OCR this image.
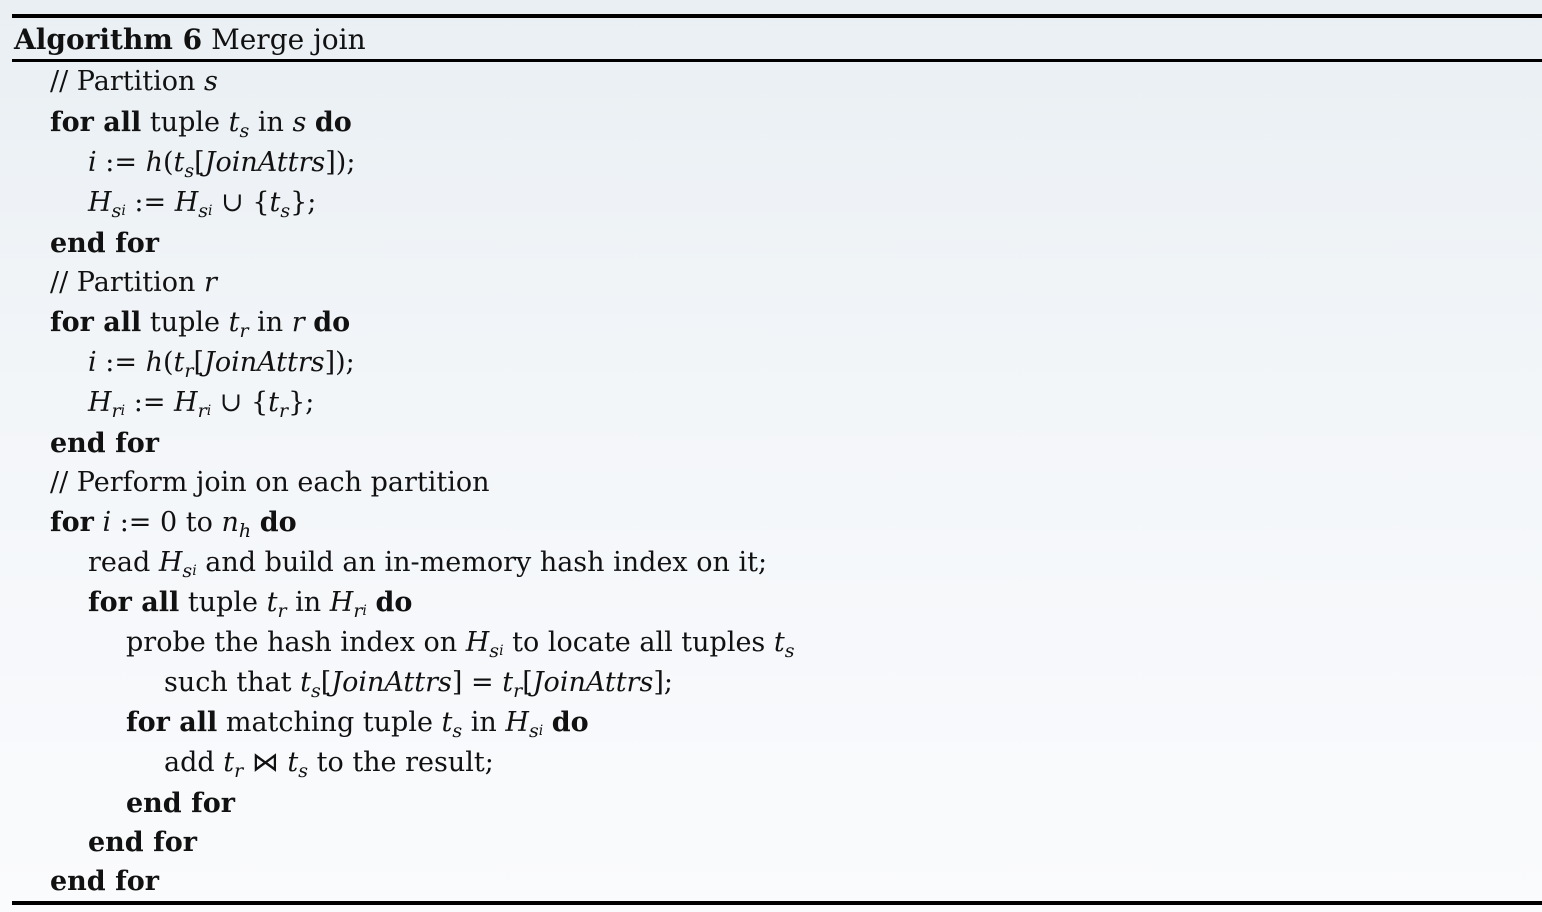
Algorithm 6 Merge join
// Partition s
for all tuple $t_s$ in s do
i := $h(t_s[JoinAttrs])$;
$H_si$ := $H_si$ ∪ $\{t_s\}$;
end for
// Partition r
for all tuple $t_r$ in r do
i := $h(t_r[JoinAttrs])$;
$H_ri$ := $H_ri$ ∪ $\{t_r\}$;
end for
// Perform join on each partition
for i := 0 to $n_h$ do
read $H_si$ and build an in-memory hash index on it;
for all tuple $t_r$ in $H_ri$ do
probe the hash index on $H_si$ to locate all tuples $t_s$
such that $t_s[JoinAttrs]$ = $t_r[JoinAttrs]$;
for all matching tuple $t_s$ in $H_si$ do
add $t_r$ ⋈ $t_s$ to the result;
end for
end for
end for
